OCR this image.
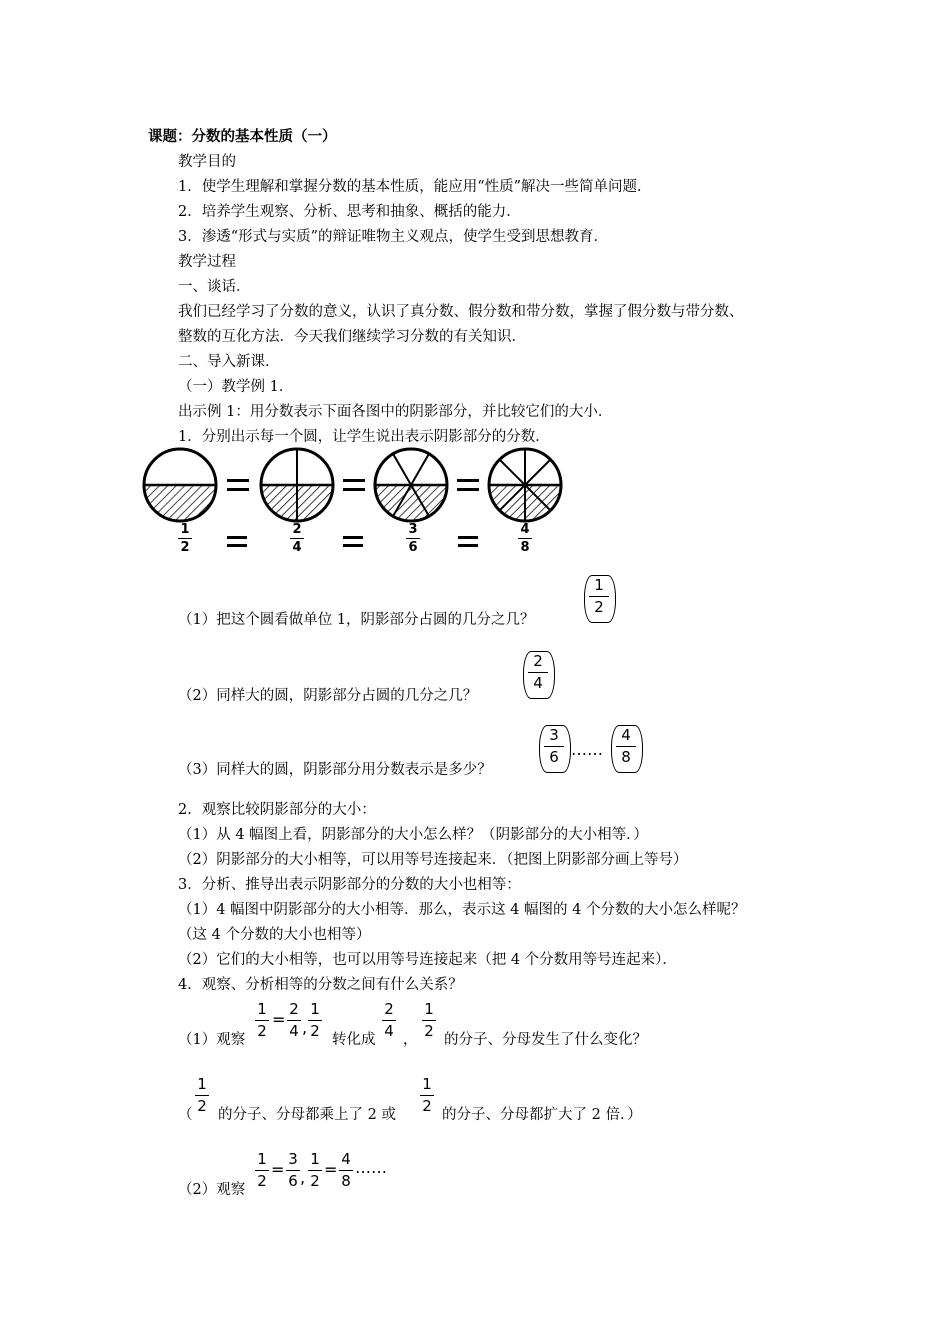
课题：分数的基本性质（一）
教学目的
1．使学生理解和掌握分数的基本性质，能应用“性质”解决一些简单问题．
2．培养学生观察、分析、思考和抽象、概括的能力．
3．渗透“形式与实质”的辩证唯物主义观点，使学生受到思想教育．
教学过程
一、谈话．
我们已经学习了分数的意义，认识了真分数、假分数和带分数，掌握了假分数与带分数、
整数的互化方法．今天我们继续学习分数的有关知识．
二、导入新课．
（一）教学例 1．
出示例 1：用分数表示下面各图中的阴影部分，并比较它们的大小．
1．分别出示每一个圆，让学生说出表示阴影部分的分数．
1
2
2
4
3
6
4
8
（1）把这个圆看做单位 1，阴影部分占圆的几分之几？
1
2
（2）同样大的圆，阴影部分占圆的几分之几？
2
4
（3）同样大的圆，阴影部分用分数表示是多少？
3
6 ……
4
8
2．观察比较阴影部分的大小：
（1）从 4 幅图上看，阴影部分的大小怎么样？（阴影部分的大小相等．）
（2）阴影部分的大小相等，可以用等号连接起来．（把图上阴影部分画上等号）
3．分析、推导出表示阴影部分的分数的大小也相等：
（1）4 幅图中阴影部分的大小相等．那么，表示这 4 幅图的 4 个分数的大小怎么样呢？
（这 4 个分数的大小也相等）
（2）它们的大小相等，也可以用等号连接起来（把 4 个分数用等号连起来）．
4．观察、分析相等的分数之间有什么关系？
（1）观察
1
2
=
2
4 ,
1
2 转化成
2
4 ，
1
2 的分子、分母发生了什么变化？
（
1
2 的分子、分母都乘上了 2 或
1
2 的分子、分母都扩大了 2 倍．）
（2）观察
1
2
=
3
6 ,
1
2
=
4
8
……
